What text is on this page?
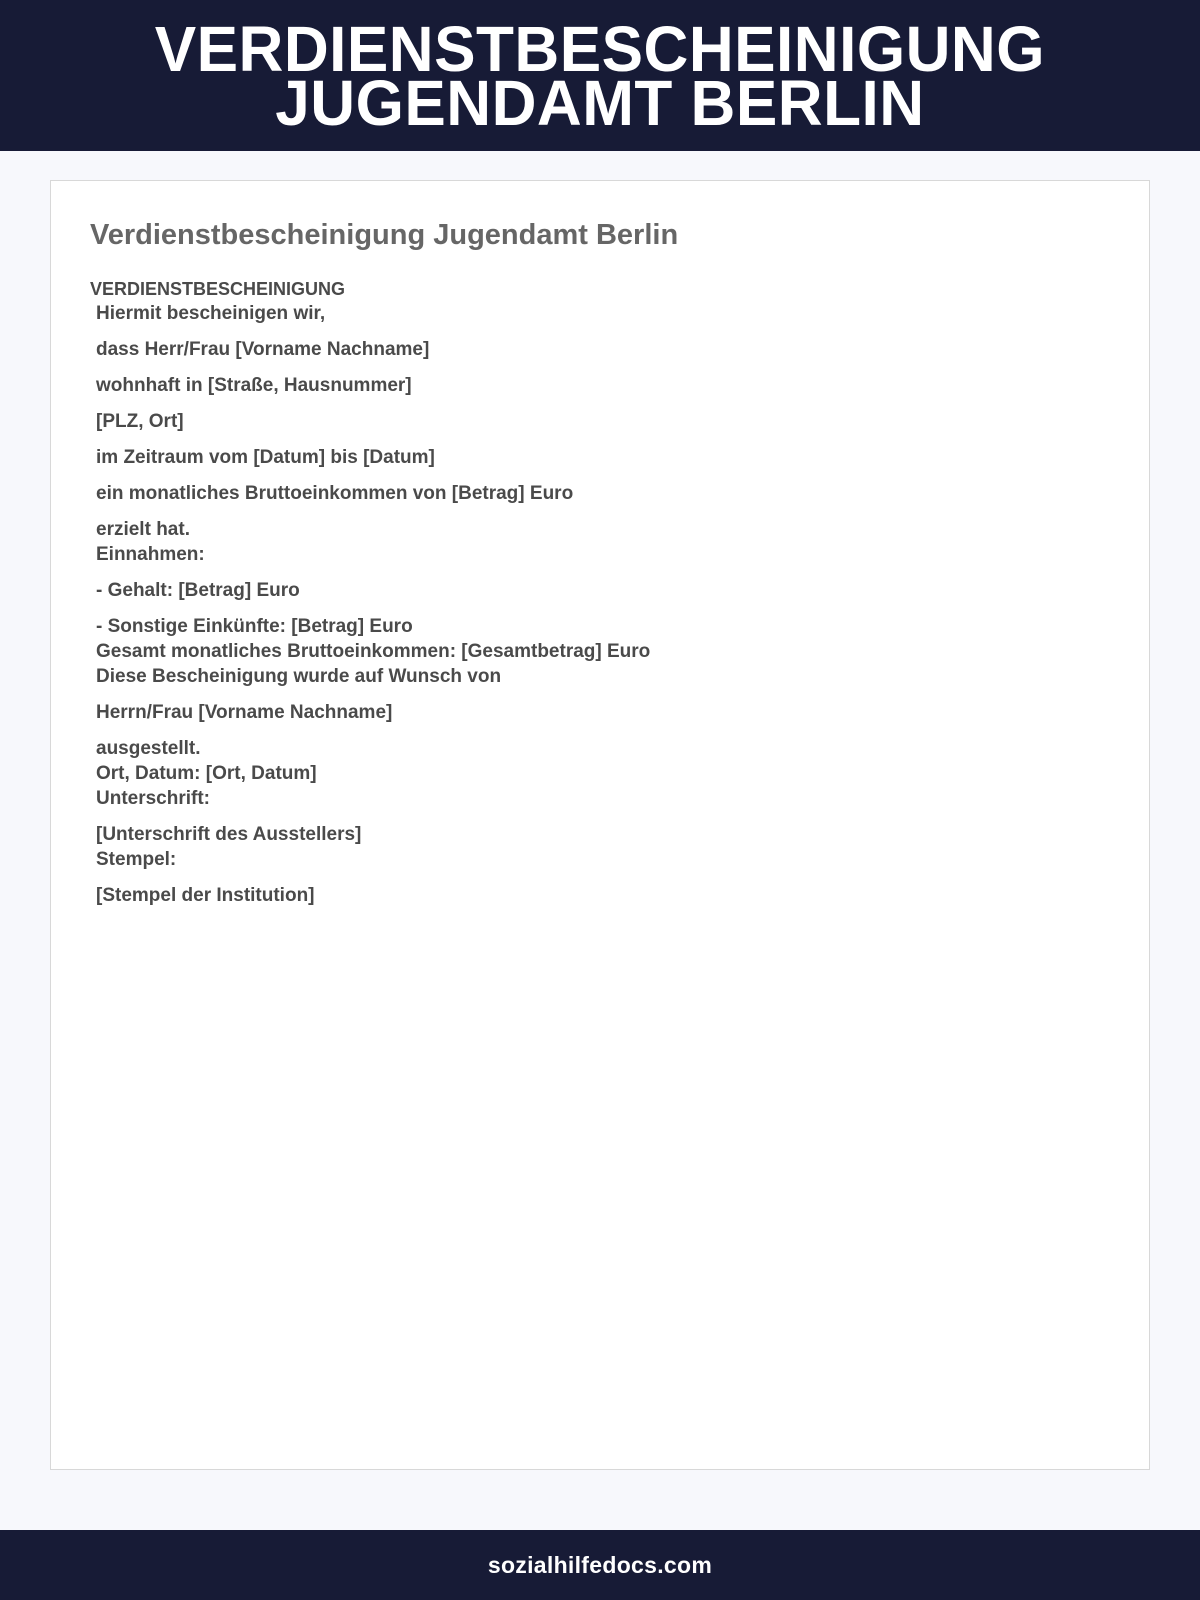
VERDIENSTBESCHEINIGUNG
JUGENDAMT BERLIN
Verdienstbescheinigung Jugendamt Berlin
VERDIENSTBESCHEINIGUNG
Hiermit bescheinigen wir,
dass Herr/Frau [Vorname Nachname]
wohnhaft in [Straße, Hausnummer]
[PLZ, Ort]
im Zeitraum vom [Datum] bis [Datum]
ein monatliches Bruttoeinkommen von [Betrag] Euro
erzielt hat.
Einnahmen:
- Gehalt: [Betrag] Euro
- Sonstige Einkünfte: [Betrag] Euro
Gesamt monatliches Bruttoeinkommen: [Gesamtbetrag] Euro
Diese Bescheinigung wurde auf Wunsch von
Herrn/Frau [Vorname Nachname]
ausgestellt.
Ort, Datum: [Ort, Datum]
Unterschrift:
[Unterschrift des Ausstellers]
Stempel:
[Stempel der Institution]
sozialhilfedocs.com
